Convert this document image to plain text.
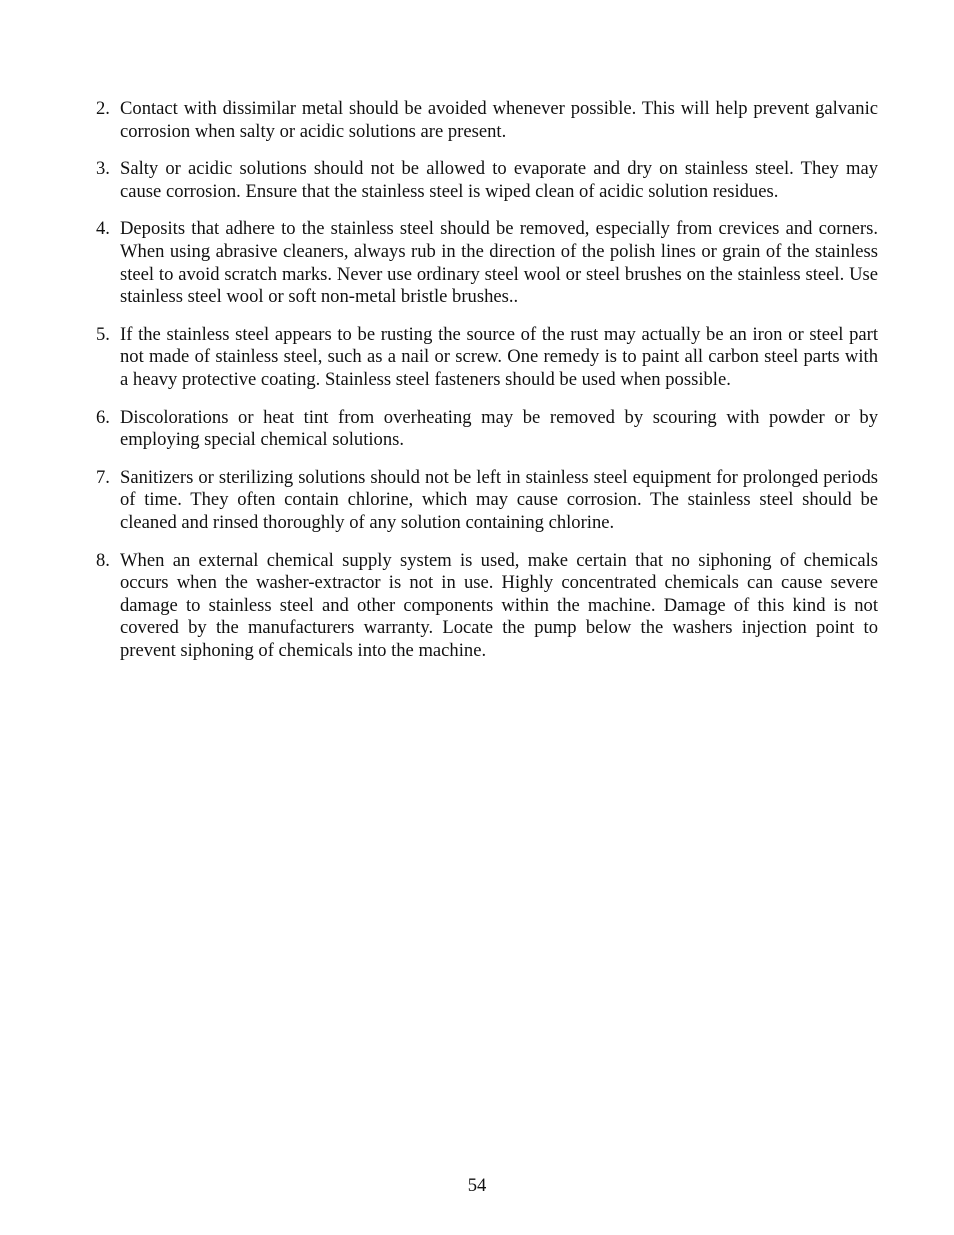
2. Contact with dissimilar metal should be avoided whenever possible. This will help prevent galvanic corrosion when salty or acidic solutions are present.
3. Salty or acidic solutions should not be allowed to evaporate and dry on stainless steel. They may cause corrosion. Ensure that the stainless steel is wiped clean of acidic solution residues.
4. Deposits that adhere to the stainless steel should be removed, especially from crevices and corners. When using abrasive cleaners, always rub in the direction of the polish lines or grain of the stainless steel to avoid scratch marks. Never use ordinary steel wool or steel brushes on the stainless steel. Use stainless steel wool or soft non-metal bristle brushes..
5. If the stainless steel appears to be rusting the source of the rust may actually be an iron or steel part not made of stainless steel, such as a nail or screw. One remedy is to paint all carbon steel parts with a heavy protective coating. Stainless steel fasteners should be used when possible.
6. Discolorations or heat tint from overheating may be removed by scouring with powder or by employing special chemical solutions.
7. Sanitizers or sterilizing solutions should not be left in stainless steel equipment for prolonged periods of time. They often contain chlorine, which may cause corrosion. The stainless steel should be cleaned and rinsed thoroughly of any solution containing chlorine.
8. When an external chemical supply system is used, make certain that no siphoning of chemicals occurs when the washer-extractor is not in use. Highly concentrated chemicals can cause severe damage to stainless steel and other components within the machine. Damage of this kind is not covered by the manufacturers warranty. Locate the pump below the washers injection point to prevent siphoning of chemicals into the machine.
54
